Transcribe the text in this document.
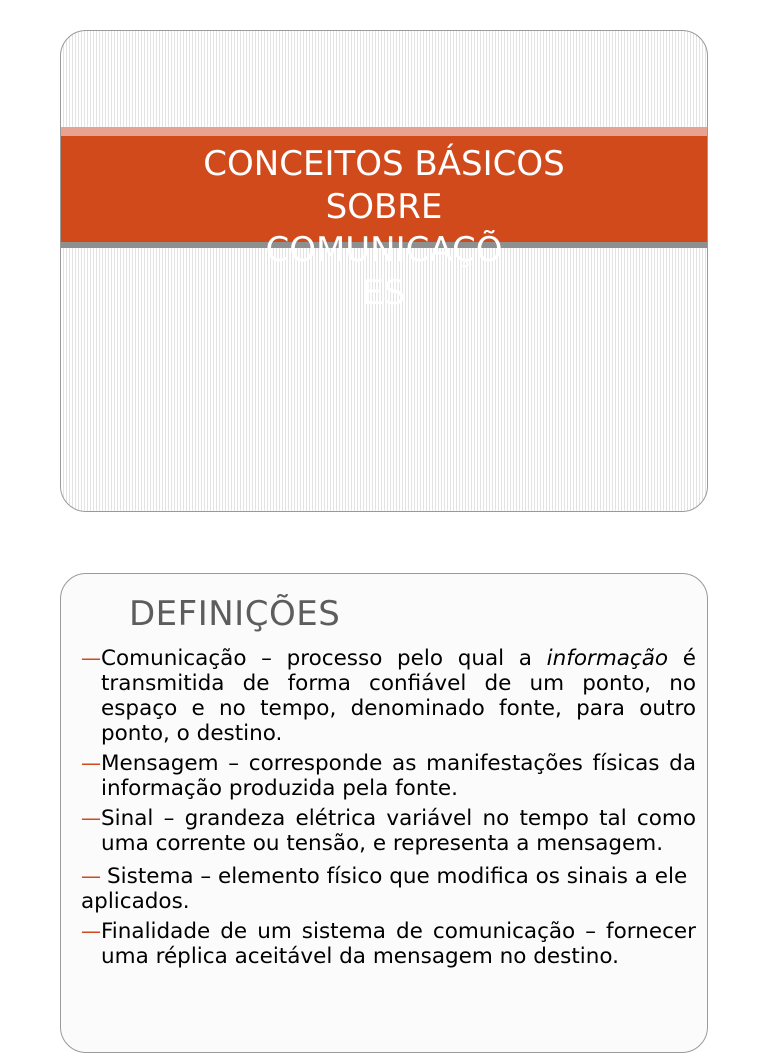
CONCEITOS BÁSICOS
SOBRE
COMUNICAÇÕ
ES
DEFINIÇÕES
—Comunicação – processo pelo qual a informação é transmitida de forma confiável de um ponto, no espaço e no tempo, denominado fonte, para outro ponto, o destino.
—Mensagem – corresponde as manifestações físicas da informação produzida pela fonte.
—Sinal – grandeza elétrica variável no tempo tal como uma corrente ou tensão, e representa a mensagem.
— Sistema – elemento físico que modifica os sinais a ele aplicados.
—Finalidade de um sistema de comunicação – fornecer uma réplica aceitável da mensagem no destino.
